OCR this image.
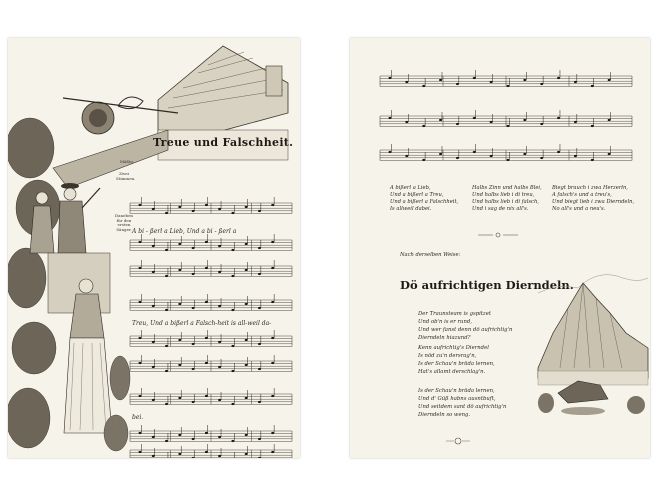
Treue und Falschheit.
Mäßig.
Zwei Stimmen.
Daneben für den ersten Sänger. A bi - ßerl a Lieb, Und a bi - ßerl a
Treu, Und a bißerl a Falsch-heit is all-weil da-
bei.
A bißerl a Lieb,
Und a bißerl a Treu,
Und a bißerl a Falschheit,
Is allweil dabei.
Halbs Zinn und halbs Blei,
Und halbs lieb i di treu,
Und halbs lieb i di falsch,
Und i sag de nix all's.
Biegt brauch i zwa Herzerln,
A falsch's und a treu's,
Und biegt lieb i zwa Dierndeln,
No all's und a neu's.
Nach derselben Weise:
Dö aufrichtigen Dierndeln.
Der Traunsteam is gspitzet
Und ob'n is er rund,
Und wer fanst denn dö aufrichtig'n
Dierndeln hiazund?
Kenn aufrichtig's Dierndel
Is nöd zu'n dersrag'n,
Is der Schau'n bräda lernen,
Hat's allamt derschlag'n.
Is der Schau'n bräda lernen,
Und d' Güß habns ausntbuft,
Und seitdem sant dö aufrichtig'n
Dierndeln so weng.
